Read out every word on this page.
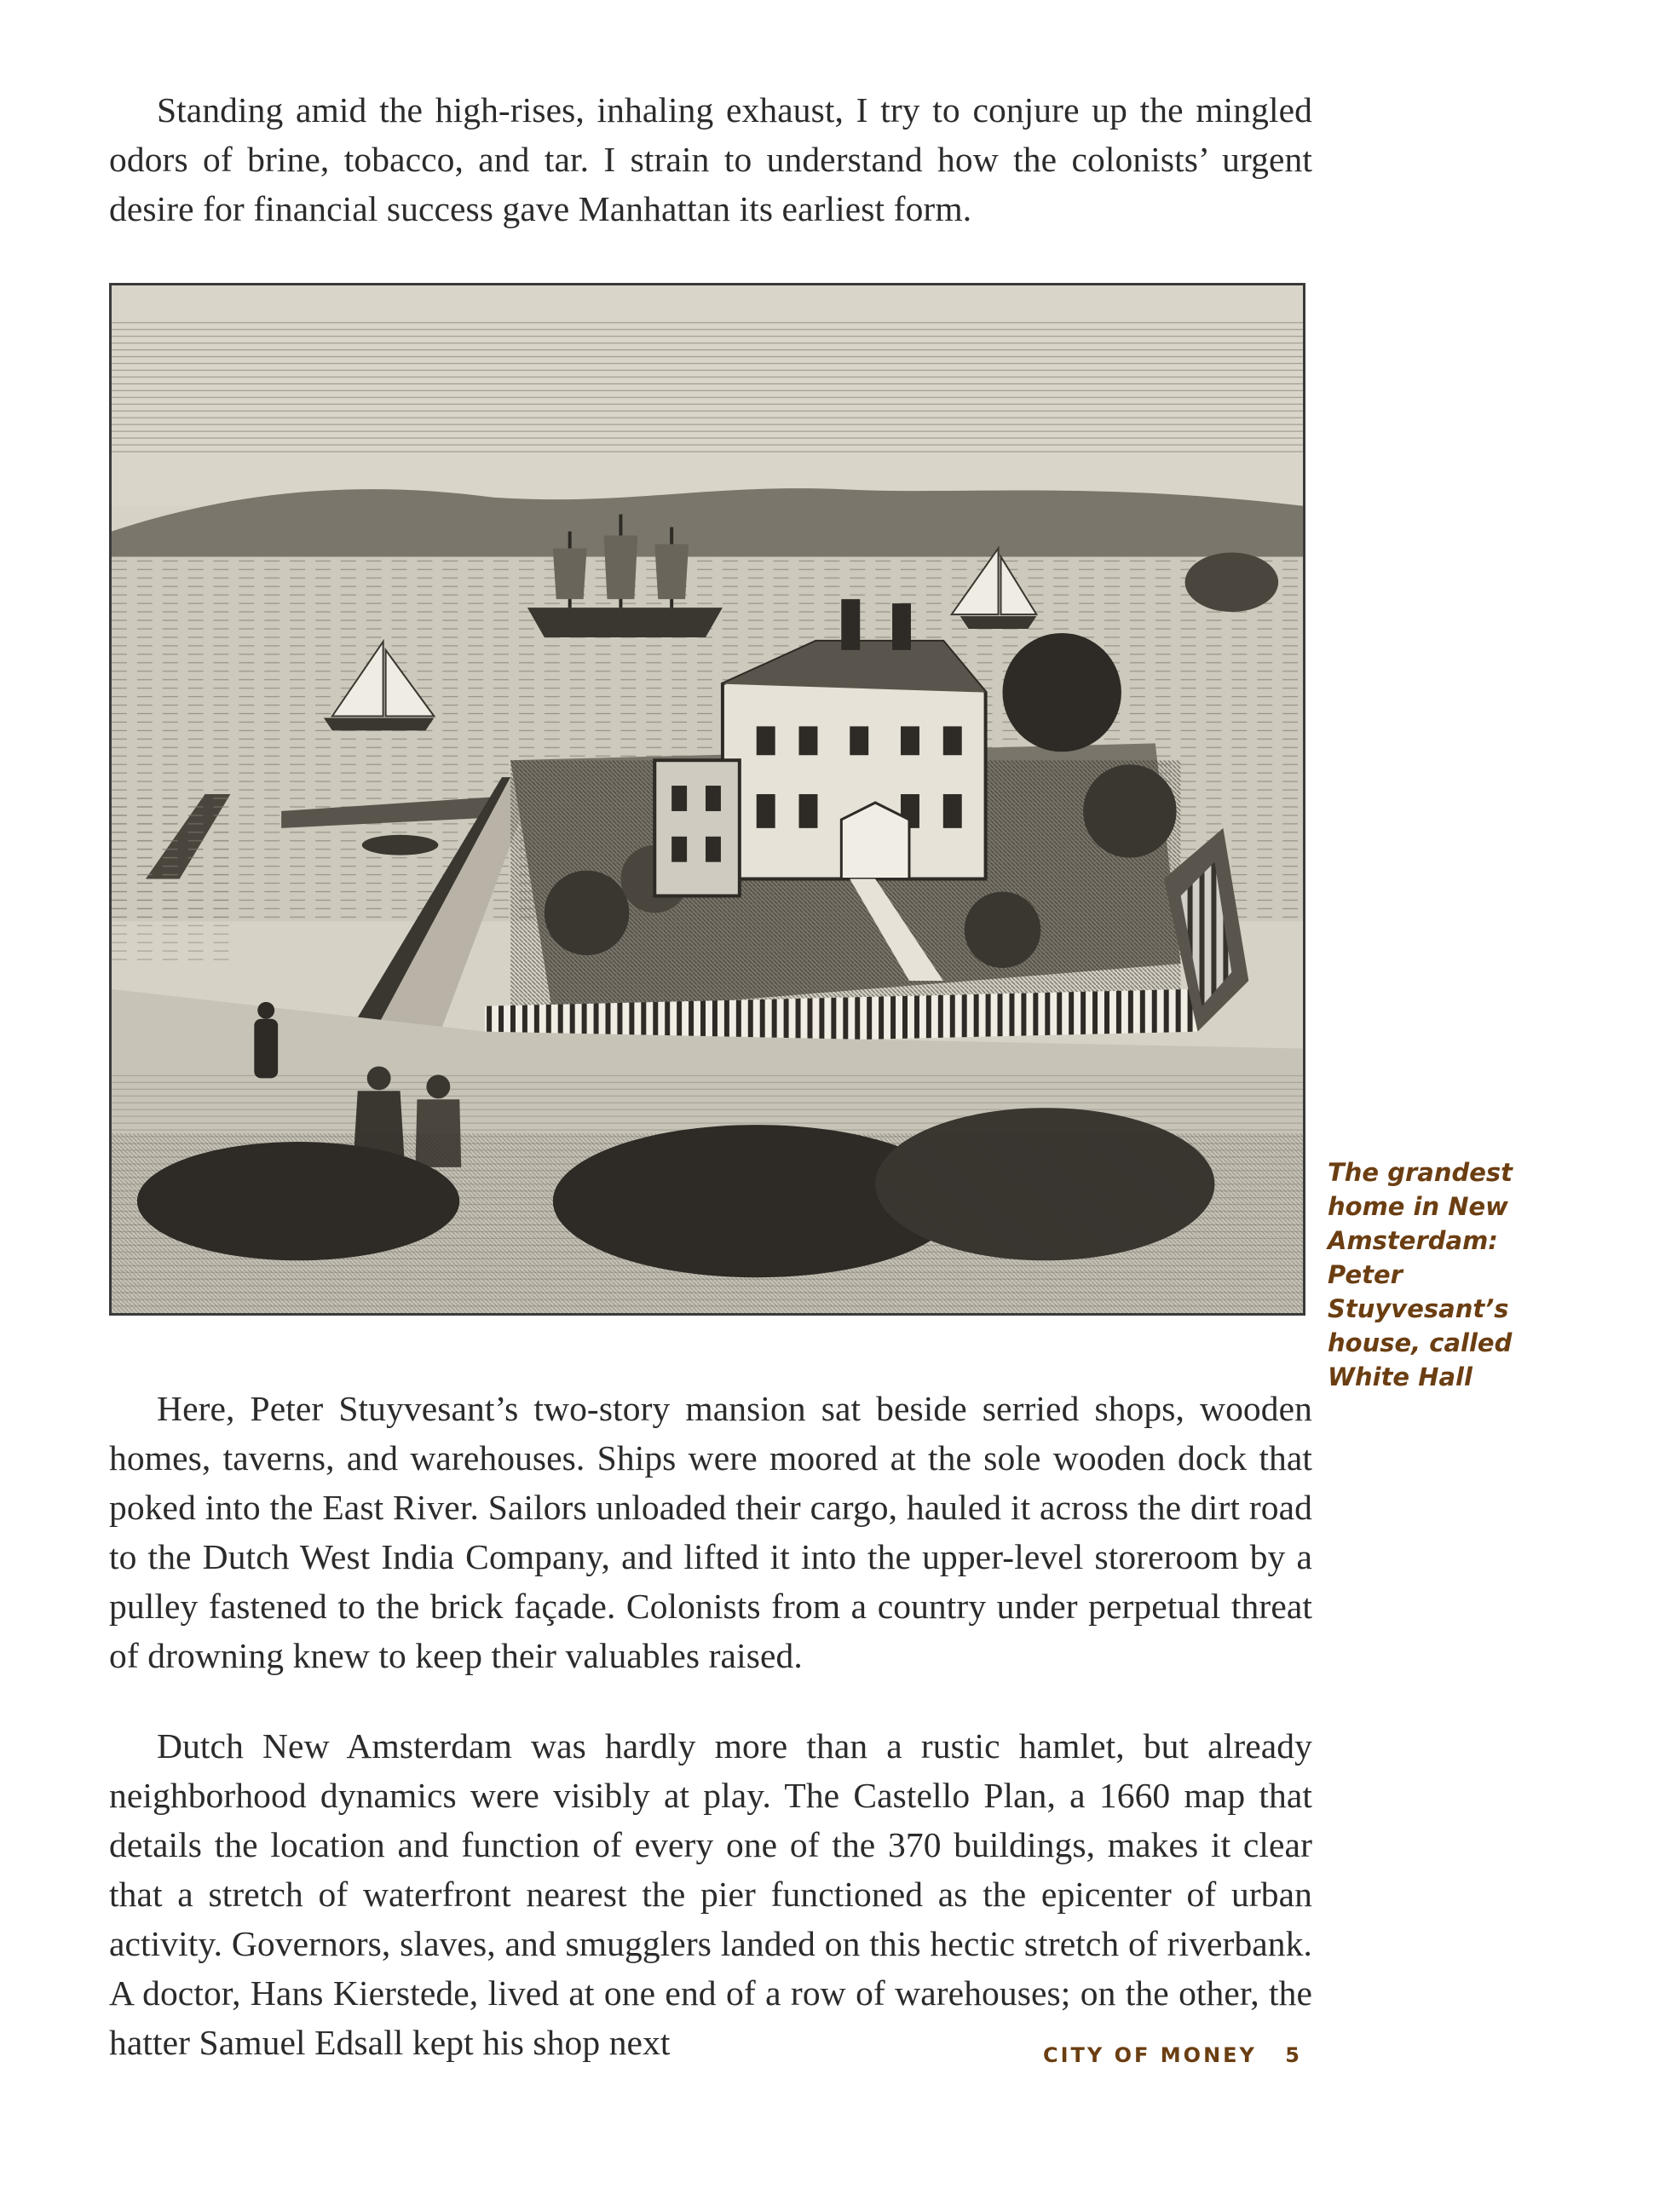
Standing amid the high-rises, inhaling exhaust, I try to conjure up the mingled odors of brine, tobacco, and tar. I strain to understand how the colonists’ urgent desire for financial success gave Manhattan its earliest form.

The grandest home in New Amsterdam: Peter Stuyvesant’s house, called White Hall

Here, Peter Stuyvesant’s two-story mansion sat beside serried shops, wooden homes, taverns, and warehouses. Ships were moored at the sole wooden dock that poked into the East River. Sailors unloaded their cargo, hauled it across the dirt road to the Dutch West India Company, and lifted it into the upper-level storeroom by a pulley fastened to the brick façade. Colonists from a country under perpetual threat of drowning knew to keep their valuables raised.

Dutch New Amsterdam was hardly more than a rustic hamlet, but already neighborhood dynamics were visibly at play. The Castello Plan, a 1660 map that details the location and function of every one of the 370 buildings, makes it clear that a stretch of waterfront nearest the pier functioned as the epicenter of urban activity. Governors, slaves, and smugglers landed on this hectic stretch of riverbank. A doctor, Hans Kierstede, lived at one end of a row of warehouses; on the other, the hatter Samuel Edsall kept his shop next	CITY OF MONEY 5
